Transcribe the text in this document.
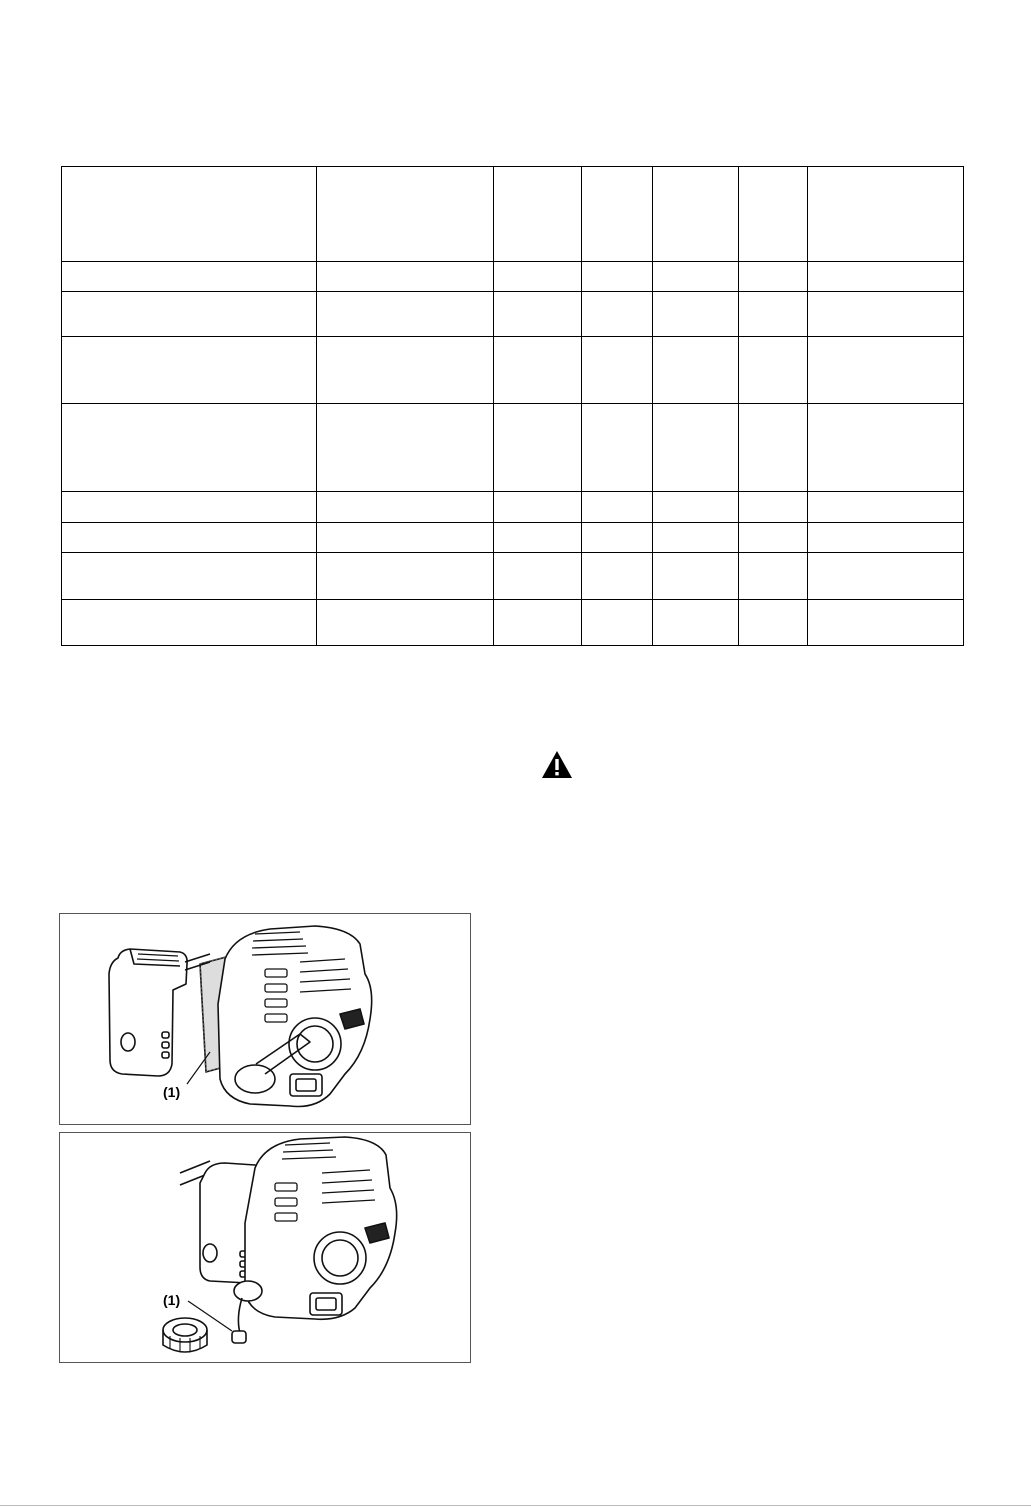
(1)
(1)
